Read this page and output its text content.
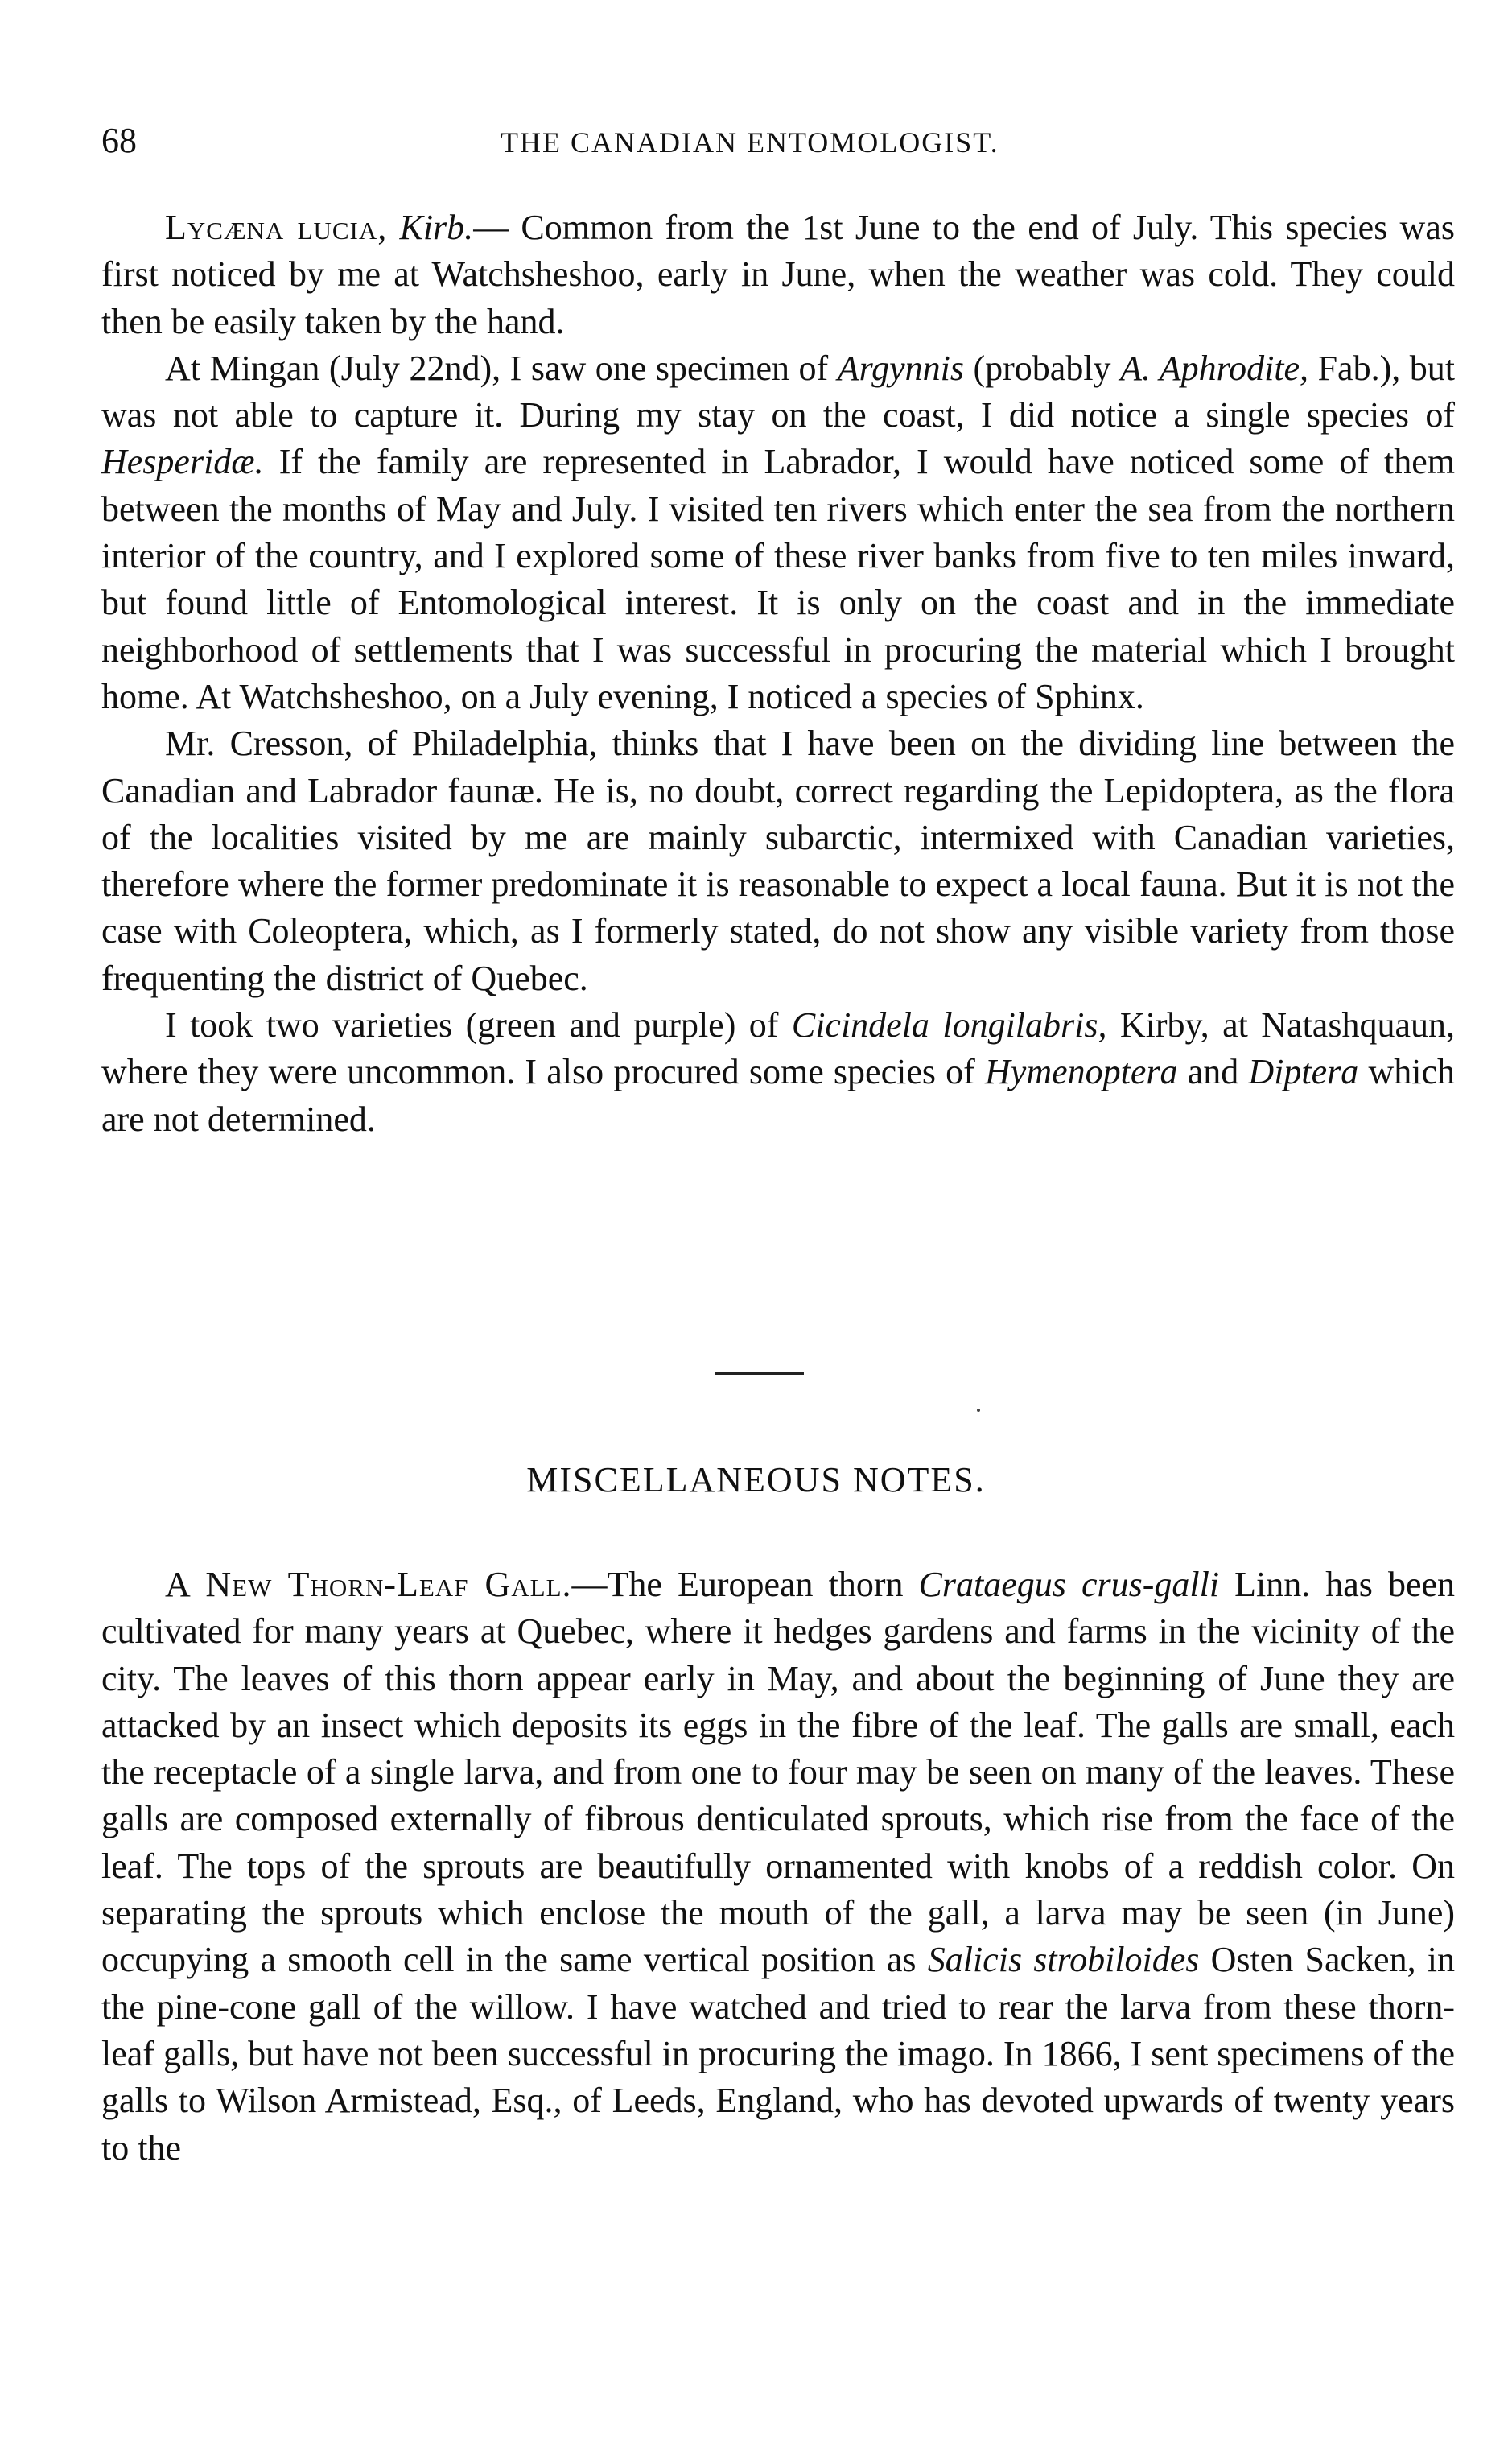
68	THE CANADIAN ENTOMOLOGIST.

Lycæna lucia, Kirb.— Common from the 1st June to the end of July. This species was first noticed by me at Watchsheshoo, early in June, when the weather was cold. They could then be easily taken by the hand.

At Mingan (July 22nd), I saw one specimen of Argynnis (probably A. Aphrodite, Fab.), but was not able to capture it. During my stay on the coast, I did notice a single species of Hesperidæ. If the family are represented in Labrador, I would have noticed some of them between the months of May and July. I visited ten rivers which enter the sea from the northern interior of the country, and I explored some of these river banks from five to ten miles inward, but found little of Entomological interest. It is only on the coast and in the immediate neighborhood of settlements that I was successful in procuring the material which I brought home. At Watchsheshoo, on a July evening, I noticed a species of Sphinx.

Mr. Cresson, of Philadelphia, thinks that I have been on the dividing line between the Canadian and Labrador faunæ. He is, no doubt, correct regarding the Lepidoptera, as the flora of the localities visited by me are mainly subarctic, intermixed with Canadian varieties, therefore where the former predominate it is reasonable to expect a local fauna. But it is not the case with Coleoptera, which, as I formerly stated, do not show any visible variety from those frequenting the district of Quebec.

I took two varieties (green and purple) of Cicindela longilabris, Kirby, at Natashquaun, where they were uncommon. I also procured some species of Hymenoptera and Diptera which are not determined.

MISCELLANEOUS NOTES.

A New Thorn-Leaf Gall.—The European thorn Crataegus crus-galli Linn. has been cultivated for many years at Quebec, where it hedges gardens and farms in the vicinity of the city. The leaves of this thorn appear early in May, and about the beginning of June they are attacked by an insect which deposits its eggs in the fibre of the leaf. The galls are small, each the receptacle of a single larva, and from one to four may be seen on many of the leaves. These galls are composed externally of fibrous denticulated sprouts, which rise from the face of the leaf. The tops of the sprouts are beautifully ornamented with knobs of a reddish color. On separating the sprouts which enclose the mouth of the gall, a larva may be seen (in June) occupying a smooth cell in the same vertical position as Salicis strobiloides Osten Sacken, in the pine-cone gall of the willow. I have watched and tried to rear the larva from these thorn-leaf galls, but have not been successful in procuring the imago. In 1866, I sent specimens of the galls to Wilson Armistead, Esq., of Leeds, England, who has devoted upwards of twenty years to the
